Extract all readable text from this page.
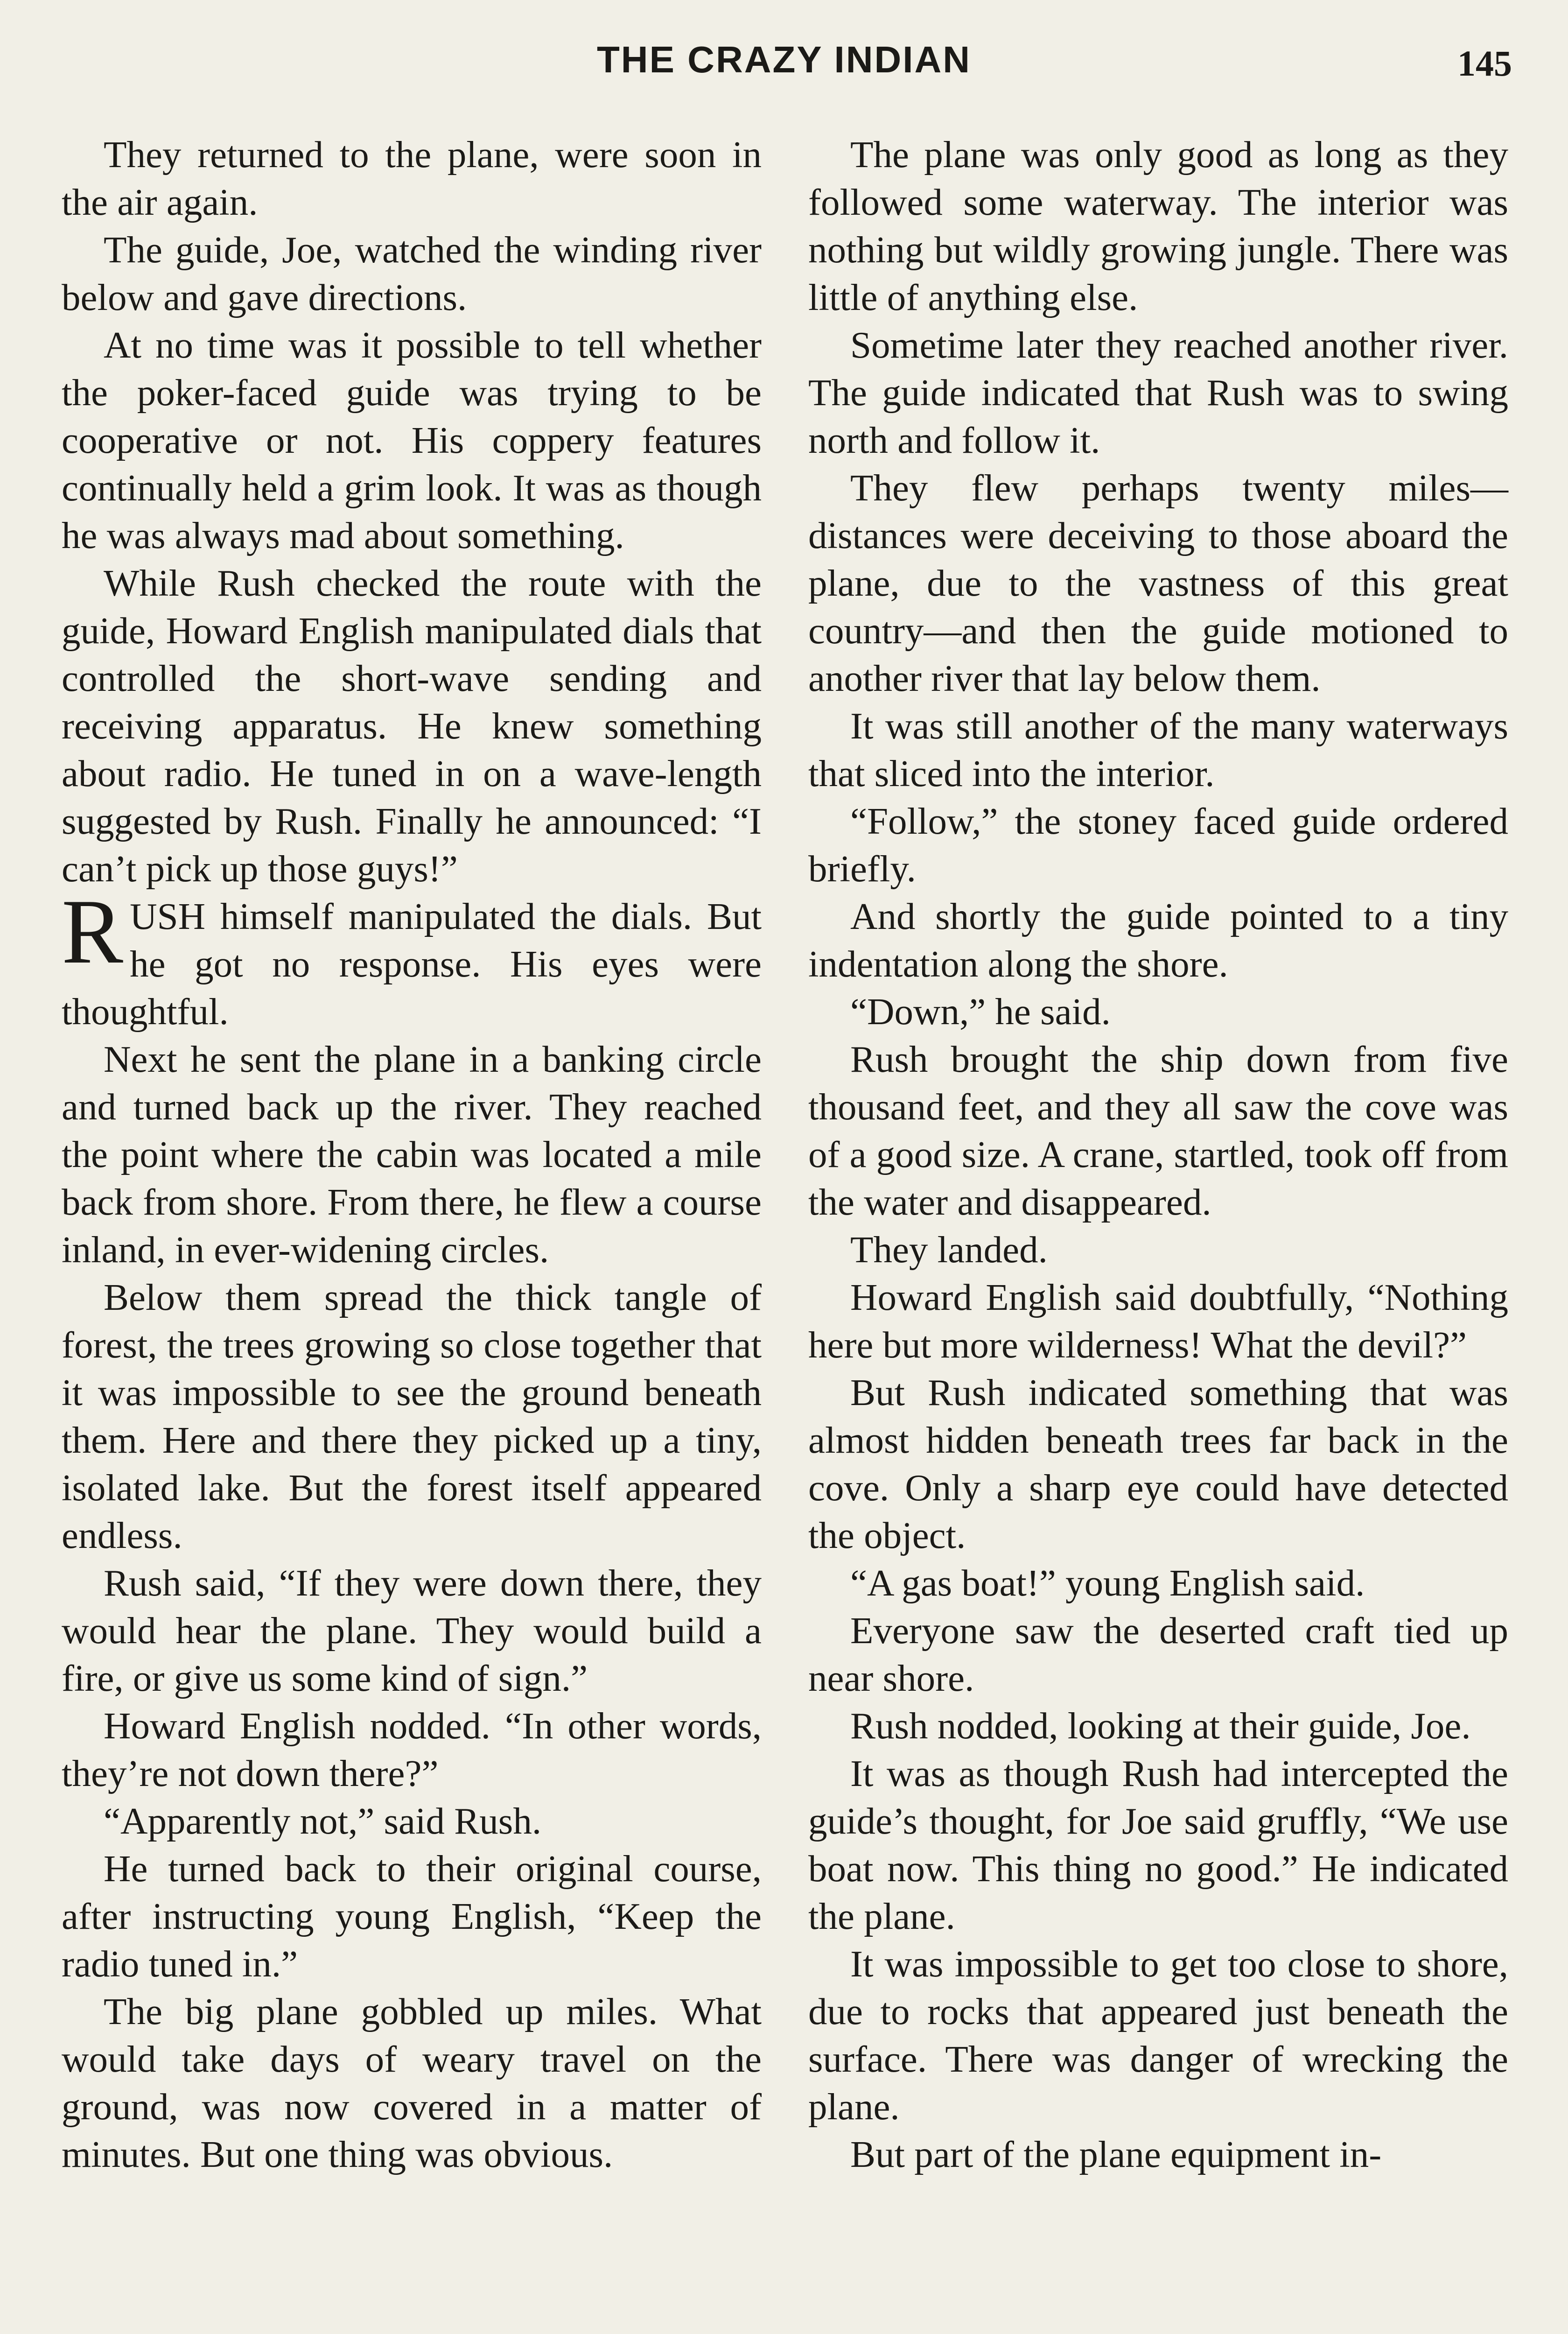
THE CRAZY INDIAN	145

They returned to the plane, were soon in the air again.

The guide, Joe, watched the winding river below and gave directions.

At no time was it possible to tell whether the poker-faced guide was trying to be cooperative or not. His coppery features continually held a grim look. It was as though he was always mad about something.

While Rush checked the route with the guide, Howard English manipulated dials that controlled the short-wave sending and receiving apparatus. He knew something about radio. He tuned in on a wave-length suggested by Rush. Finally he announced: “I can’t pick up those guys!”

RUSH himself manipulated the dials. But he got no response. His eyes were thoughtful.

Next he sent the plane in a banking circle and turned back up the river. They reached the point where the cabin was located a mile back from shore. From there, he flew a course inland, in ever-widening circles.

Below them spread the thick tangle of forest, the trees growing so close together that it was impossible to see the ground beneath them. Here and there they picked up a tiny, isolated lake. But the forest itself appeared endless.

Rush said, “If they were down there, they would hear the plane. They would build a fire, or give us some kind of sign.”

Howard English nodded. “In other words, they’re not down there?”

“Apparently not,” said Rush.

He turned back to their original course, after instructing young English, “Keep the radio tuned in.”

The big plane gobbled up miles. What would take days of weary travel on the ground, was now covered in a matter of minutes. But one thing was obvious.

The plane was only good as long as they followed some waterway. The interior was nothing but wildly growing jungle. There was little of anything else.

Sometime later they reached another river. The guide indicated that Rush was to swing north and follow it.

They flew perhaps twenty miles—distances were deceiving to those aboard the plane, due to the vastness of this great country—and then the guide motioned to another river that lay below them.

It was still another of the many waterways that sliced into the interior.

“Follow,” the stoney faced guide ordered briefly.

And shortly the guide pointed to a tiny indentation along the shore.

“Down,” he said.

Rush brought the ship down from five thousand feet, and they all saw the cove was of a good size. A crane, startled, took off from the water and disappeared.

They landed.

Howard English said doubtfully, “Nothing here but more wilderness! What the devil?”

But Rush indicated something that was almost hidden beneath trees far back in the cove. Only a sharp eye could have detected the object.

“A gas boat!” young English said.

Everyone saw the deserted craft tied up near shore.

Rush nodded, looking at their guide, Joe.

It was as though Rush had intercepted the guide’s thought, for Joe said gruffly, “We use boat now. This thing no good.” He indicated the plane.

It was impossible to get too close to shore, due to rocks that appeared just beneath the surface. There was danger of wrecking the plane.

But part of the plane equipment in-
